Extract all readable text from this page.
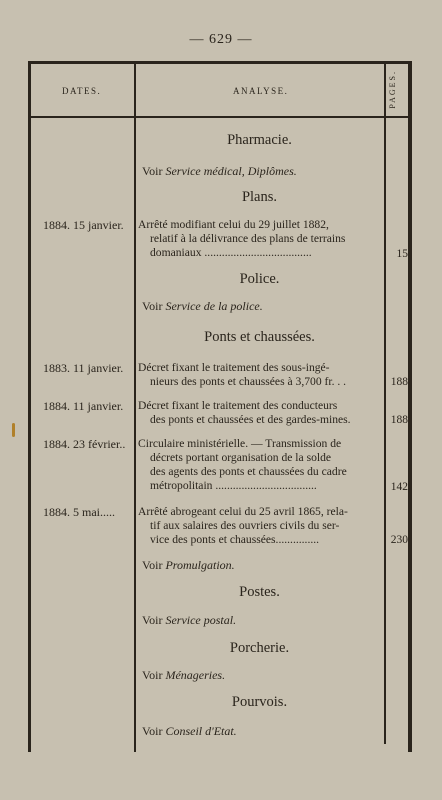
— 629 —
DATES.	ANALYSE.	PAGES.
Pharmacie.
Voir Service médical, Diplômes.
Plans.
1884. 15 janvier.	Arrêté modifiant celui du 29 juillet 1882,
relatif à la délivrance des plans de terrains
domaniaux .....................................	15
Police.
Voir Service de la police.
Ponts et chaussées.
1883. 11 janvier.	Décret fixant le traitement des sous-ingé-
nieurs des ponts et chaussées à 3,700 fr. . .	188
1884. 11 janvier.	Décret fixant le traitement des conducteurs
des ponts et chaussées et des gardes-mines.	188
1884. 23 février..	Circulaire ministérielle. — Transmission de
décrets portant organisation de la solde
des agents des ponts et chaussées du cadre
métropolitain ...................................	142
1884. 5 mai.....	Arrêté abrogeant celui du 25 avril 1865, rela-
tif aux salaires des ouvriers civils du ser-
vice des ponts et chaussées...............	230
Voir Promulgation.
Postes.
Voir Service postal.
Porcherie.
Voir Ménageries.
Pourvois.
Voir Conseil d'Etat.
